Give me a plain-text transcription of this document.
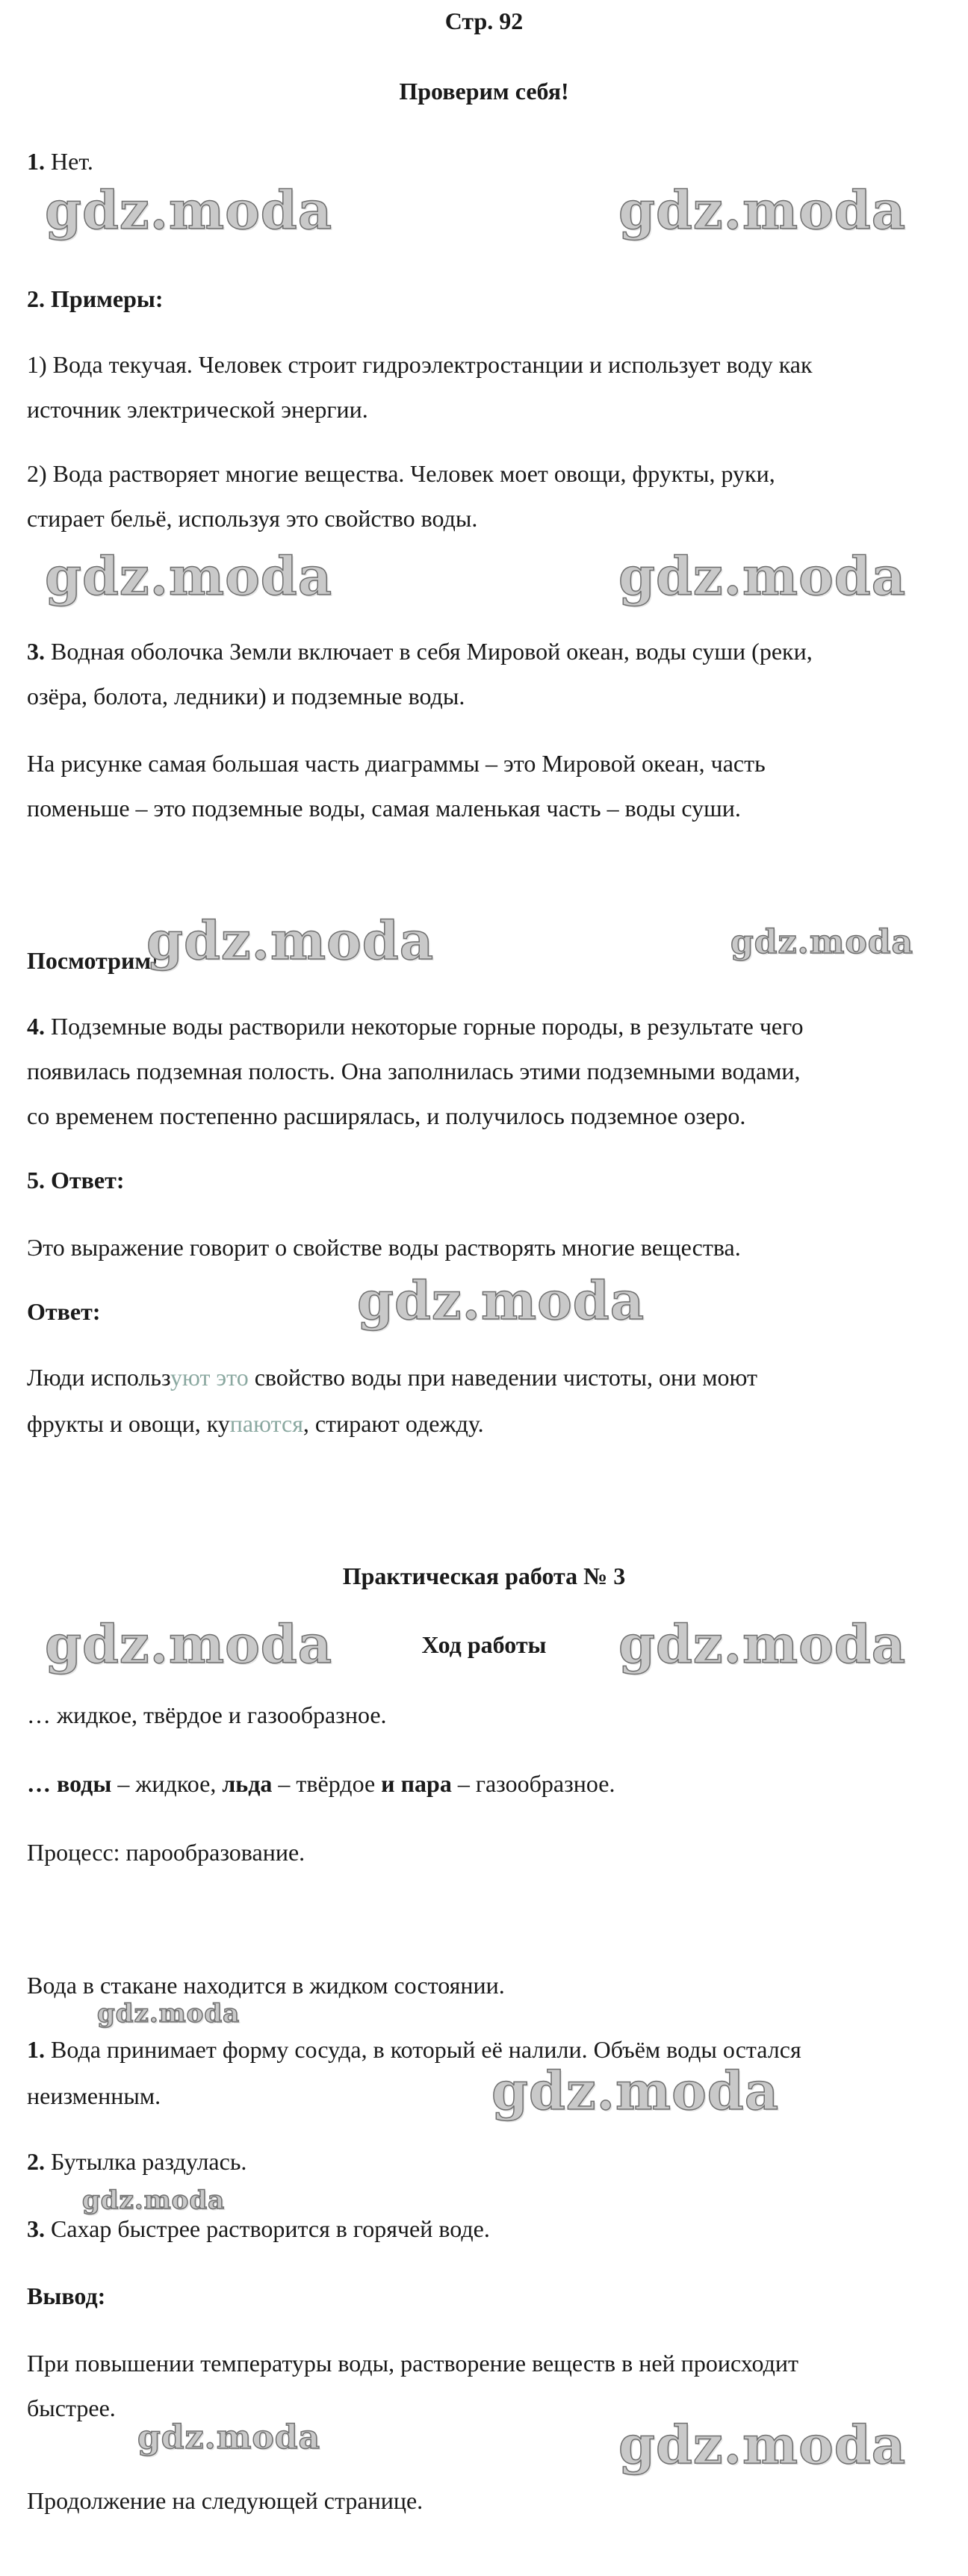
Стр. 92
Проверим себя!
1. Нет.
2. Примеры:
1) Вода текучая. Человек строит гидроэлектростанции и использует воду как
источник электрической энергии.
2) Вода растворяет многие вещества. Человек моет овощи, фрукты, руки,
стирает бельё, используя это свойство воды.
3. Водная оболочка Земли включает в себя Мировой океан, воды суши (реки,
озёра, болота, ледники) и подземные воды.
На рисунке самая большая часть диаграммы – это Мировой океан, часть
поменьше – это подземные воды, самая маленькая часть – воды суши.
Посмотрим!
4. Подземные воды растворили некоторые горные породы, в результате чего
появилась подземная полость. Она заполнилась этими подземными водами,
со временем постепенно расширялась, и получилось подземное озеро.
5. Ответ:
Это выражение говорит о свойстве воды растворять многие вещества.
Ответ:
Люди используют это свойство воды при наведении чистоты, они моют
фрукты и овощи, купаются, стирают одежду.
Практическая работа № 3
Ход работы
… жидкое, твёрдое и газообразное.
… воды – жидкое, льда – твёрдое и пара – газообразное.
Процесс: парообразование.
Вода в стакане находится в жидком состоянии.
1. Вода принимает форму сосуда, в который её налили. Объём воды остался
неизменным.
2. Бутылка раздулась.
3. Сахар быстрее растворится в горячей воде.
Вывод:
При повышении температуры воды, растворение веществ в ней происходит
быстрее.
Продолжение на следующей странице.
gdz.moda	gdz.moda
gdz.moda	gdz.moda
gdz.moda	gdz.moda
gdz.moda
gdz.moda	gdz.moda
gdz.moda
gdz.moda
gdz.moda
gdz.moda	gdz.moda
